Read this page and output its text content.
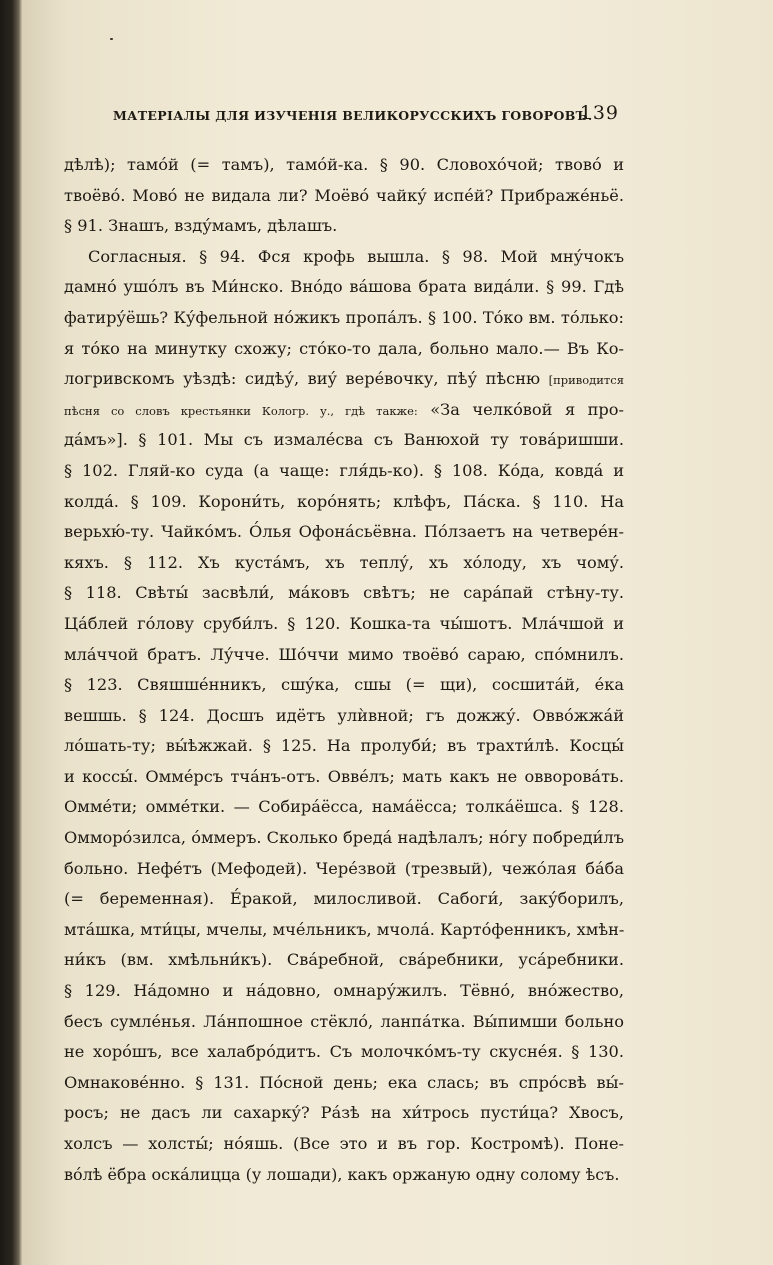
МАТЕРІАЛЫ ДЛЯ ИЗУЧЕНІЯ ВЕЛИКОРУССКИХЪ ГОВОРОВЪ.
139
дѣлѣ); тамо́й (= тамъ), тамо́й-ка. § 90. Словохо́чой; твово́ и
твоёво́. Мово́ не видала ли? Моёво́ чайку́ испе́й? Прибраже́ньё.
§ 91. Знашъ, взду́мамъ, дѣлашъ.
Согласныя. § 94. Фся крофь вышла. § 98. Мой мну́чокъ
дамно́ ушо́лъ въ Ми́нско. Вно́до ва́шова брата вида́ли. § 99. Гдѣ
фатиру́ёшь? Ку́фельной но́жикъ пропа́лъ. § 100. То́ко вм. то́лько:
я то́ко на минутку схожу; сто́ко-то дала, больно мало.— Въ Ко-
логривскомъ уѣздѣ: сидѣу́, виу́ вере́вочку, пѣу́ пѣсню [приводится
пѣсня со словъ крестьянки Кологр. у., гдѣ также: «За челко́вой я про-
да́мъ»]. § 101. Мы съ измале́сва съ Ванюхой ту това́ришши.
§ 102. Гляй-ко суда (а чаще: гля́дь-ко). § 108. Ко́да, ковда́ и
колда́. § 109. Корони́ть, коро́нять; клѣфъ, Па́ска. § 110. На
верьхю́-ту. Чайко́мъ. О́лья Офона́сьёвна. По́лзаетъ на четвере́н-
кяхъ. § 112. Хъ куста́мъ, хъ теплу́, хъ хо́лоду, хъ чому́.
§ 118. Свѣты́ засвѣли́, ма́ковъ свѣтъ; не сара́пай стѣну-ту.
Ца́блей го́лову сруби́лъ. § 120. Кошка-та чы́шотъ. Мла́чшой и
мла́ччой братъ. Лу́чче. Шо́ччи мимо твоёво́ сараю, спо́мнилъ.
§ 123. Свяшше́нникъ, сшу́ка, сшы (= щи), сосшита́й, е́ка
вешшь. § 124. Досшъ идётъ улѝвной; гъ дожжу́. Овво́жжа́й
ло́шать-ту; вы́ѣжжай. § 125. На пролуби́; въ трахти́лѣ. Косцы́
и коссы́. Омме́рсъ тча́нъ-отъ. Овве́лъ; мать какъ не овворова́ть.
Омме́ти; омме́тки. — Собира́ёсса, нама́ёсса; толка́ёшса. § 128.
Омморо́зилса, о́ммеръ. Сколько бреда́ надѣлалъ; но́гу побреди́лъ
больно. Нефе́тъ (Мефодей). Чере́звой (трезвый), чежо́лая ба́ба
(= беременная). Е́ракой, милосливой. Сабоги́, заку́борилъ,
мта́шка, мти́цы, мчелы, мче́льникъ, мчола́. Карто́фенникъ, хмѣн-
ни́къ (вм. хмѣльни́къ). Сва́ребной, сва́ребники, уса́ребники.
§ 129. На́домно и на́довно, омнару́жилъ. Тёвно́, вно́жество,
бесъ сумле́нья. Ла́нпошное стёкло́, ланпа́тка. Вы́пимши больно
не хоро́шъ, все халабро́дитъ. Съ молочко́мъ-ту скусне́я. § 130.
Омнакове́нно. § 131. По́сной день; ека слась; въ спро́свѣ вы́-
росъ; не дасъ ли сахарку́? Ра́зѣ на хи́трось пусти́ца? Хвосъ,
холсъ — холсты́; но́яшь. (Все это и въ гор. Костромѣ). Поне-
во́лѣ ёбра оска́лицца (у лошади), какъ оржаную одну солому ѣсъ.
